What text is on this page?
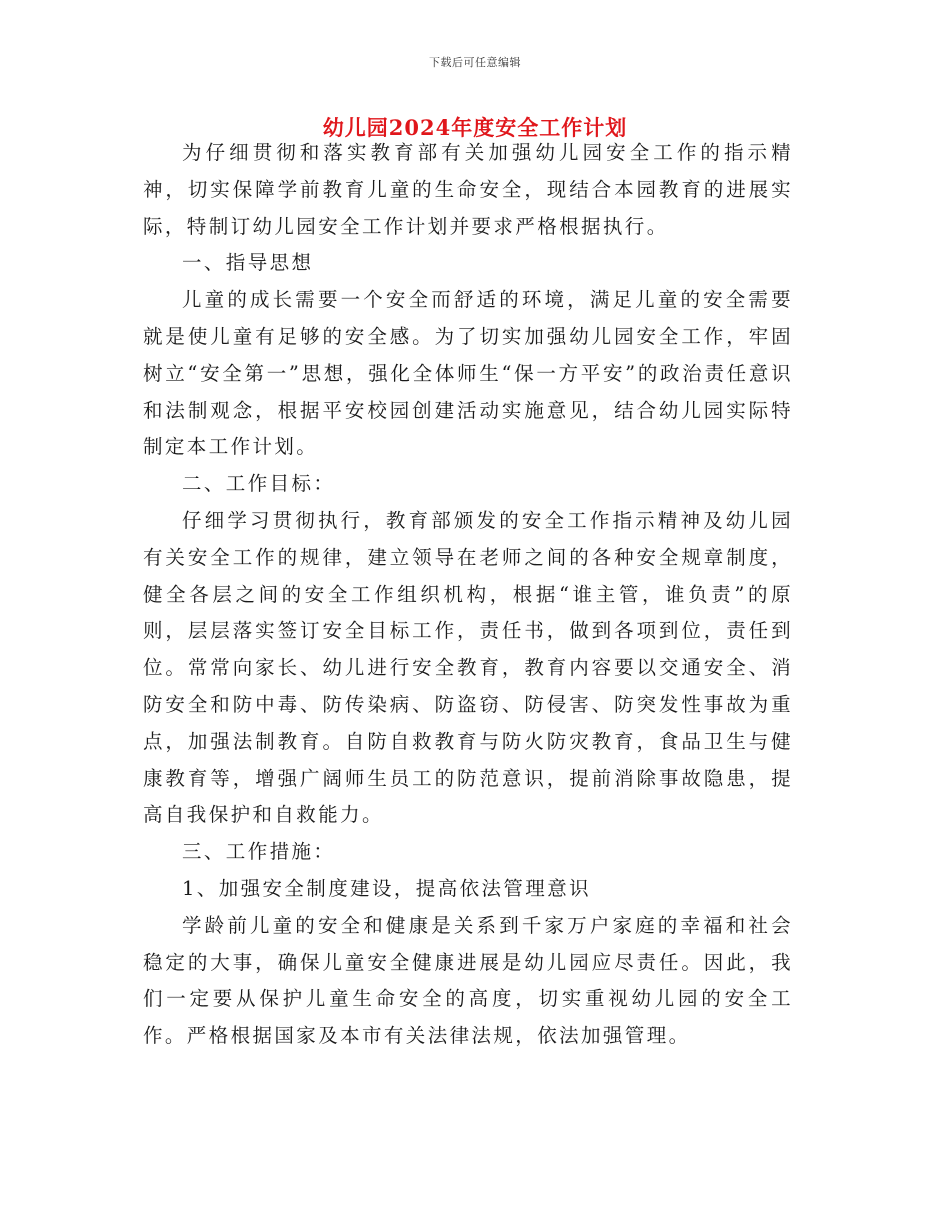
下载后可任意编辑
幼儿园2024年度安全工作计划

为仔细贯彻和落实教育部有关加强幼儿园安全工作的指示精神，切实保障学前教育儿童的生命安全，现结合本园教育的进展实际，特制订幼儿园安全工作计划并要求严格根据执行。

一、指导思想

儿童的成长需要一个安全而舒适的环境，满足儿童的安全需要就是使儿童有足够的安全感。为了切实加强幼儿园安全工作，牢固树立“安全第一”思想，强化全体师生“保一方平安”的政治责任意识和法制观念，根据平安校园创建活动实施意见，结合幼儿园实际特制定本工作计划。

二、工作目标：

仔细学习贯彻执行，教育部颁发的安全工作指示精神及幼儿园有关安全工作的规律，建立领导在老师之间的各种安全规章制度，健全各层之间的安全工作组织机构，根据“谁主管，谁负责”的原则，层层落实签订安全目标工作，责任书，做到各项到位，责任到位。常常向家长、幼儿进行安全教育，教育内容要以交通安全、消防安全和防中毒、防传染病、防盗窃、防侵害、防突发性事故为重点，加强法制教育。自防自救教育与防火防灾教育，食品卫生与健康教育等，增强广阔师生员工的防范意识，提前消除事故隐患，提高自我保护和自救能力。

三、工作措施：

1、加强安全制度建设，提高依法管理意识

学龄前儿童的安全和健康是关系到千家万户家庭的幸福和社会稳定的大事，确保儿童安全健康进展是幼儿园应尽责任。因此，我们一定要从保护儿童生命安全的高度，切实重视幼儿园的安全工作。严格根据国家及本市有关法律法规，依法加强管理。
